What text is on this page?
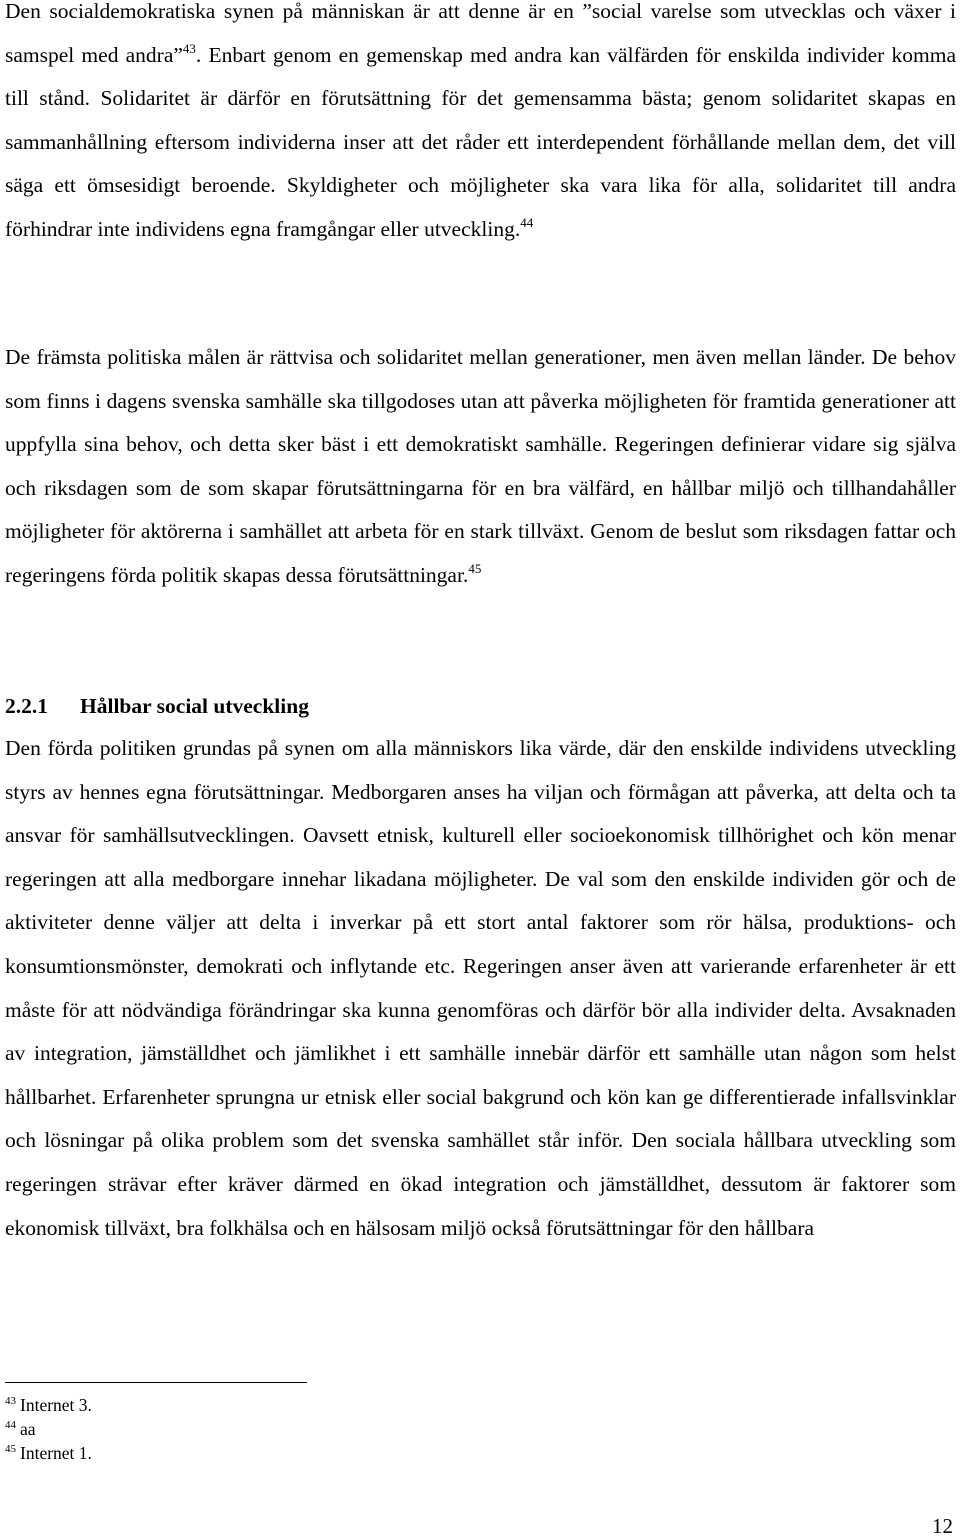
Den socialdemokratiska synen på människan är att denne är en ”social varelse som utvecklas och växer i samspel med andra”$^{43}$. Enbart genom en gemenskap med andra kan välfärden för enskilda individer komma till stånd. Solidaritet är därför en förutsättning för det gemensamma bästa; genom solidaritet skapas en sammanhållning eftersom individerna inser att det råder ett interdependent förhållande mellan dem, det vill säga ett ömsesidigt beroende. Skyldigheter och möjligheter ska vara lika för alla, solidaritet till andra förhindrar inte individens egna framgångar eller utveckling.$^{44}$

De främsta politiska målen är rättvisa och solidaritet mellan generationer, men även mellan länder. De behov som finns i dagens svenska samhälle ska tillgodoses utan att påverka möjligheten för framtida generationer att uppfylla sina behov, och detta sker bäst i ett demokratiskt samhälle. Regeringen definierar vidare sig själva och riksdagen som de som skapar förutsättningarna för en bra välfärd, en hållbar miljö och tillhandahåller möjligheter för aktörerna i samhället att arbeta för en stark tillväxt. Genom de beslut som riksdagen fattar och regeringens förda politik skapas dessa förutsättningar.$^{45}$

2.2.1 Hållbar social utveckling

Den förda politiken grundas på synen om alla människors lika värde, där den enskilde individens utveckling styrs av hennes egna förutsättningar. Medborgaren anses ha viljan och förmågan att påverka, att delta och ta ansvar för samhällsutvecklingen. Oavsett etnisk, kulturell eller socioekonomisk tillhörighet och kön menar regeringen att alla medborgare innehar likadana möjligheter. De val som den enskilde individen gör och de aktiviteter denne väljer att delta i inverkar på ett stort antal faktorer som rör hälsa, produktions- och konsumtionsmönster, demokrati och inflytande etc. Regeringen anser även att varierande erfarenheter är ett måste för att nödvändiga förändringar ska kunna genomföras och därför bör alla individer delta. Avsaknaden av integration, jämställdhet och jämlikhet i ett samhälle innebär därför ett samhälle utan någon som helst hållbarhet. Erfarenheter sprungna ur etnisk eller social bakgrund och kön kan ge differentierade infallsvinklar och lösningar på olika problem som det svenska samhället står inför. Den sociala hållbara utveckling som regeringen strävar efter kräver därmed en ökad integration och jämställdhet, dessutom är faktorer som ekonomisk tillväxt, bra folkhälsa och en hälsosam miljö också förutsättningar för den hållbara

$^{43}$ Internet 3.
$^{44}$ aa
$^{45}$ Internet 1.
12
